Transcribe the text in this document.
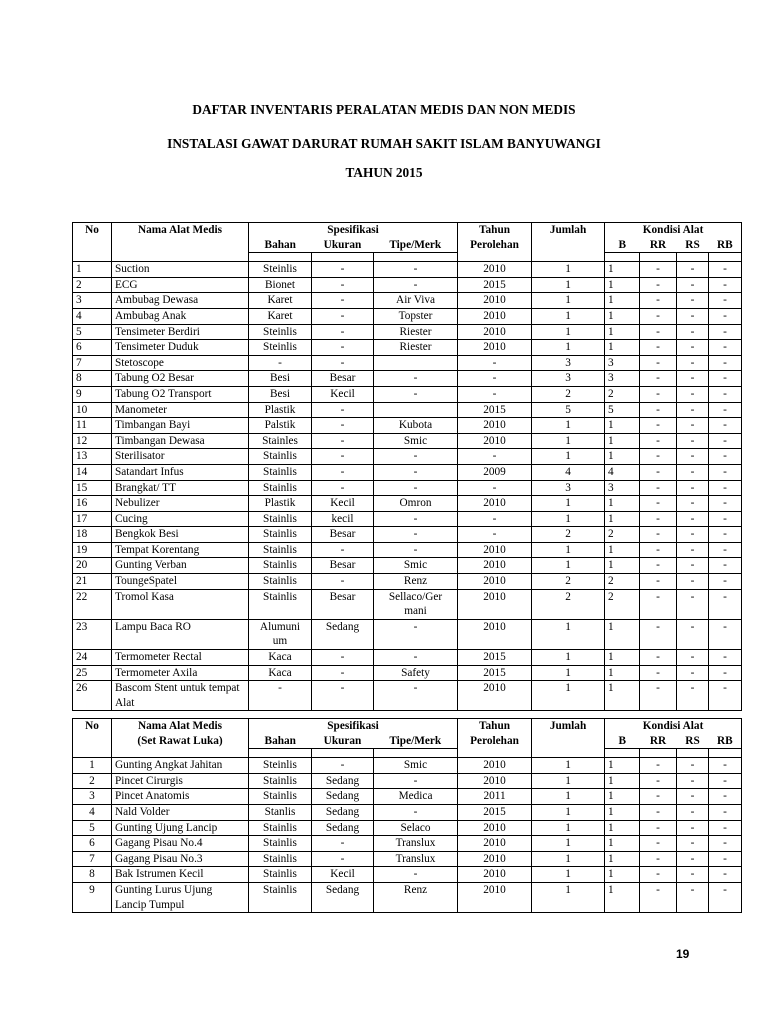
DAFTAR INVENTARIS PERALATAN MEDIS DAN NON MEDIS
INSTALASI GAWAT DARURAT RUMAH SAKIT ISLAM BANYUWANGI
TAHUN 2015
No	Nama Alat Medis	Spesifikasi			Tahun
Perolehan	Jumlah	Kondisi Alat			
		Bahan	Ukuran	Tipe/Merk			B	RR	RS	RB

1	Suction	Steinlis	-	-	2010	1	1	-	-	-
2	ECG	Bionet	-	-	2015	1	1	-	-	-
3	Ambubag Dewasa	Karet	-	Air Viva	2010	1	1	-	-	-
4	Ambubag Anak	Karet	-	Topster	2010	1	1	-	-	-
5	Tensimeter Berdiri	Steinlis	-	Riester	2010	1	1	-	-	-
6	Tensimeter Duduk	Steinlis	-	Riester	2010	1	1	-	-	-
7	Stetoscope	-	-		-	3	3	-	-	-
8	Tabung O2 Besar	Besi	Besar	-	-	3	3	-	-	-
9	Tabung O2 Transport	Besi	Kecil	-	-	2	2	-	-	-
10	Manometer	Plastik	-		2015	5	5	-	-	-
11	Timbangan Bayi	Palstik	-	Kubota	2010	1	1	-	-	-
12	Timbangan Dewasa	Stainles	-	Smic	2010	1	1	-	-	-
13	Sterilisator	Stainlis	-	-	-	1	1	-	-	-
14	Satandart Infus	Stainlis	-	-	2009	4	4	-	-	-
15	Brangkat/ TT	Stainlis	-	-	-	3	3	-	-	-
16	Nebulizer	Plastik	Kecil	Omron	2010	1	1	-	-	-
17	Cucing	Stainlis	kecil	-	-	1	1	-	-	-
18	Bengkok Besi	Stainlis	Besar	-	-	2	2	-	-	-
19	Tempat Korentang	Stainlis	-	-	2010	1	1	-	-	-
20	Gunting Verban	Stainlis	Besar	Smic	2010	1	1	-	-	-
21	ToungeSpatel	Stainlis	-	Renz	2010	2	2	-	-	-
22	Tromol Kasa	Stainlis	Besar	Sellaco/Ger mani	2010	2	2	-	-	-
23	Lampu Baca RO	Alumuni um	Sedang	-	2010	1	1	-	-	-
24	Termometer Rectal	Kaca	-	-	2015	1	1	-	-	-
25	Termometer Axila	Kaca	-	Safety	2015	1	1	-	-	-
26	Bascom Stent untuk tempat Alat	-	-	-	2010	1	1	-	-	-
No	Nama Alat Medis
(Set Rawat Luka)	Spesifikasi			Tahun
Perolehan	Jumlah	Kondisi Alat			
		Bahan	Ukuran	Tipe/Merk			B	RR	RS	RB

1	Gunting Angkat Jahitan	Steinlis	-	Smic	2010	1	1	-	-	-
2	Pincet Cirurgis	Stainlis	Sedang	-	2010	1	1	-	-	-
3	Pincet Anatomis	Stainlis	Sedang	Medica	2011	1	1	-	-	-
4	Nald Volder	Stanlis	Sedang	-	2015	1	1	-	-	-
5	Gunting Ujung Lancip	Stainlis	Sedang	Selaco	2010	1	1	-	-	-
6	Gagang Pisau No.4	Stainlis	-	Translux	2010	1	1	-	-	-
7	Gagang Pisau No.3	Stainlis	-	Translux	2010	1	1	-	-	-
8	Bak Istrumen Kecil	Stainlis	Kecil	-	2010	1	1	-	-	-
9	Gunting Lurus Ujung Lancip Tumpul	Stainlis	Sedang	Renz	2010	1	1	-	-	-
19
